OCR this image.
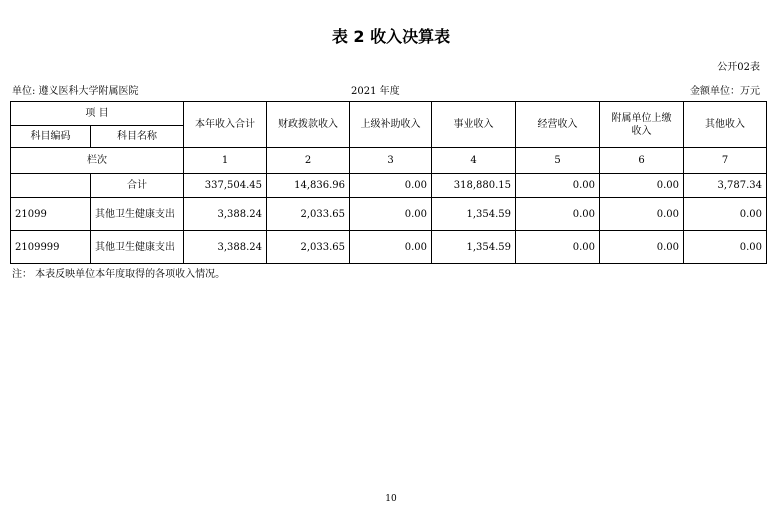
表 2 收入决算表
公开02表
单位: 遵义医科大学附属医院	2021 年度	金额单位：万元
项 目		本年收入合计	财政拨款收入	上级补助收入	事业收入	经营收入	附属单位上缴收入	其他收入
科目编码	科目名称							
栏次		1	2	3	4	5	6	7
	合计	337,504.45	14,836.96	0.00	318,880.15	0.00	0.00	3,787.34
21099	其他卫生健康支出	3,388.24	2,033.65	0.00	1,354.59	0.00	0.00	0.00
2109999	其他卫生健康支出	3,388.24	2,033.65	0.00	1,354.59	0.00	0.00	0.00
注： 本表反映单位本年度取得的各项收入情况。
10
